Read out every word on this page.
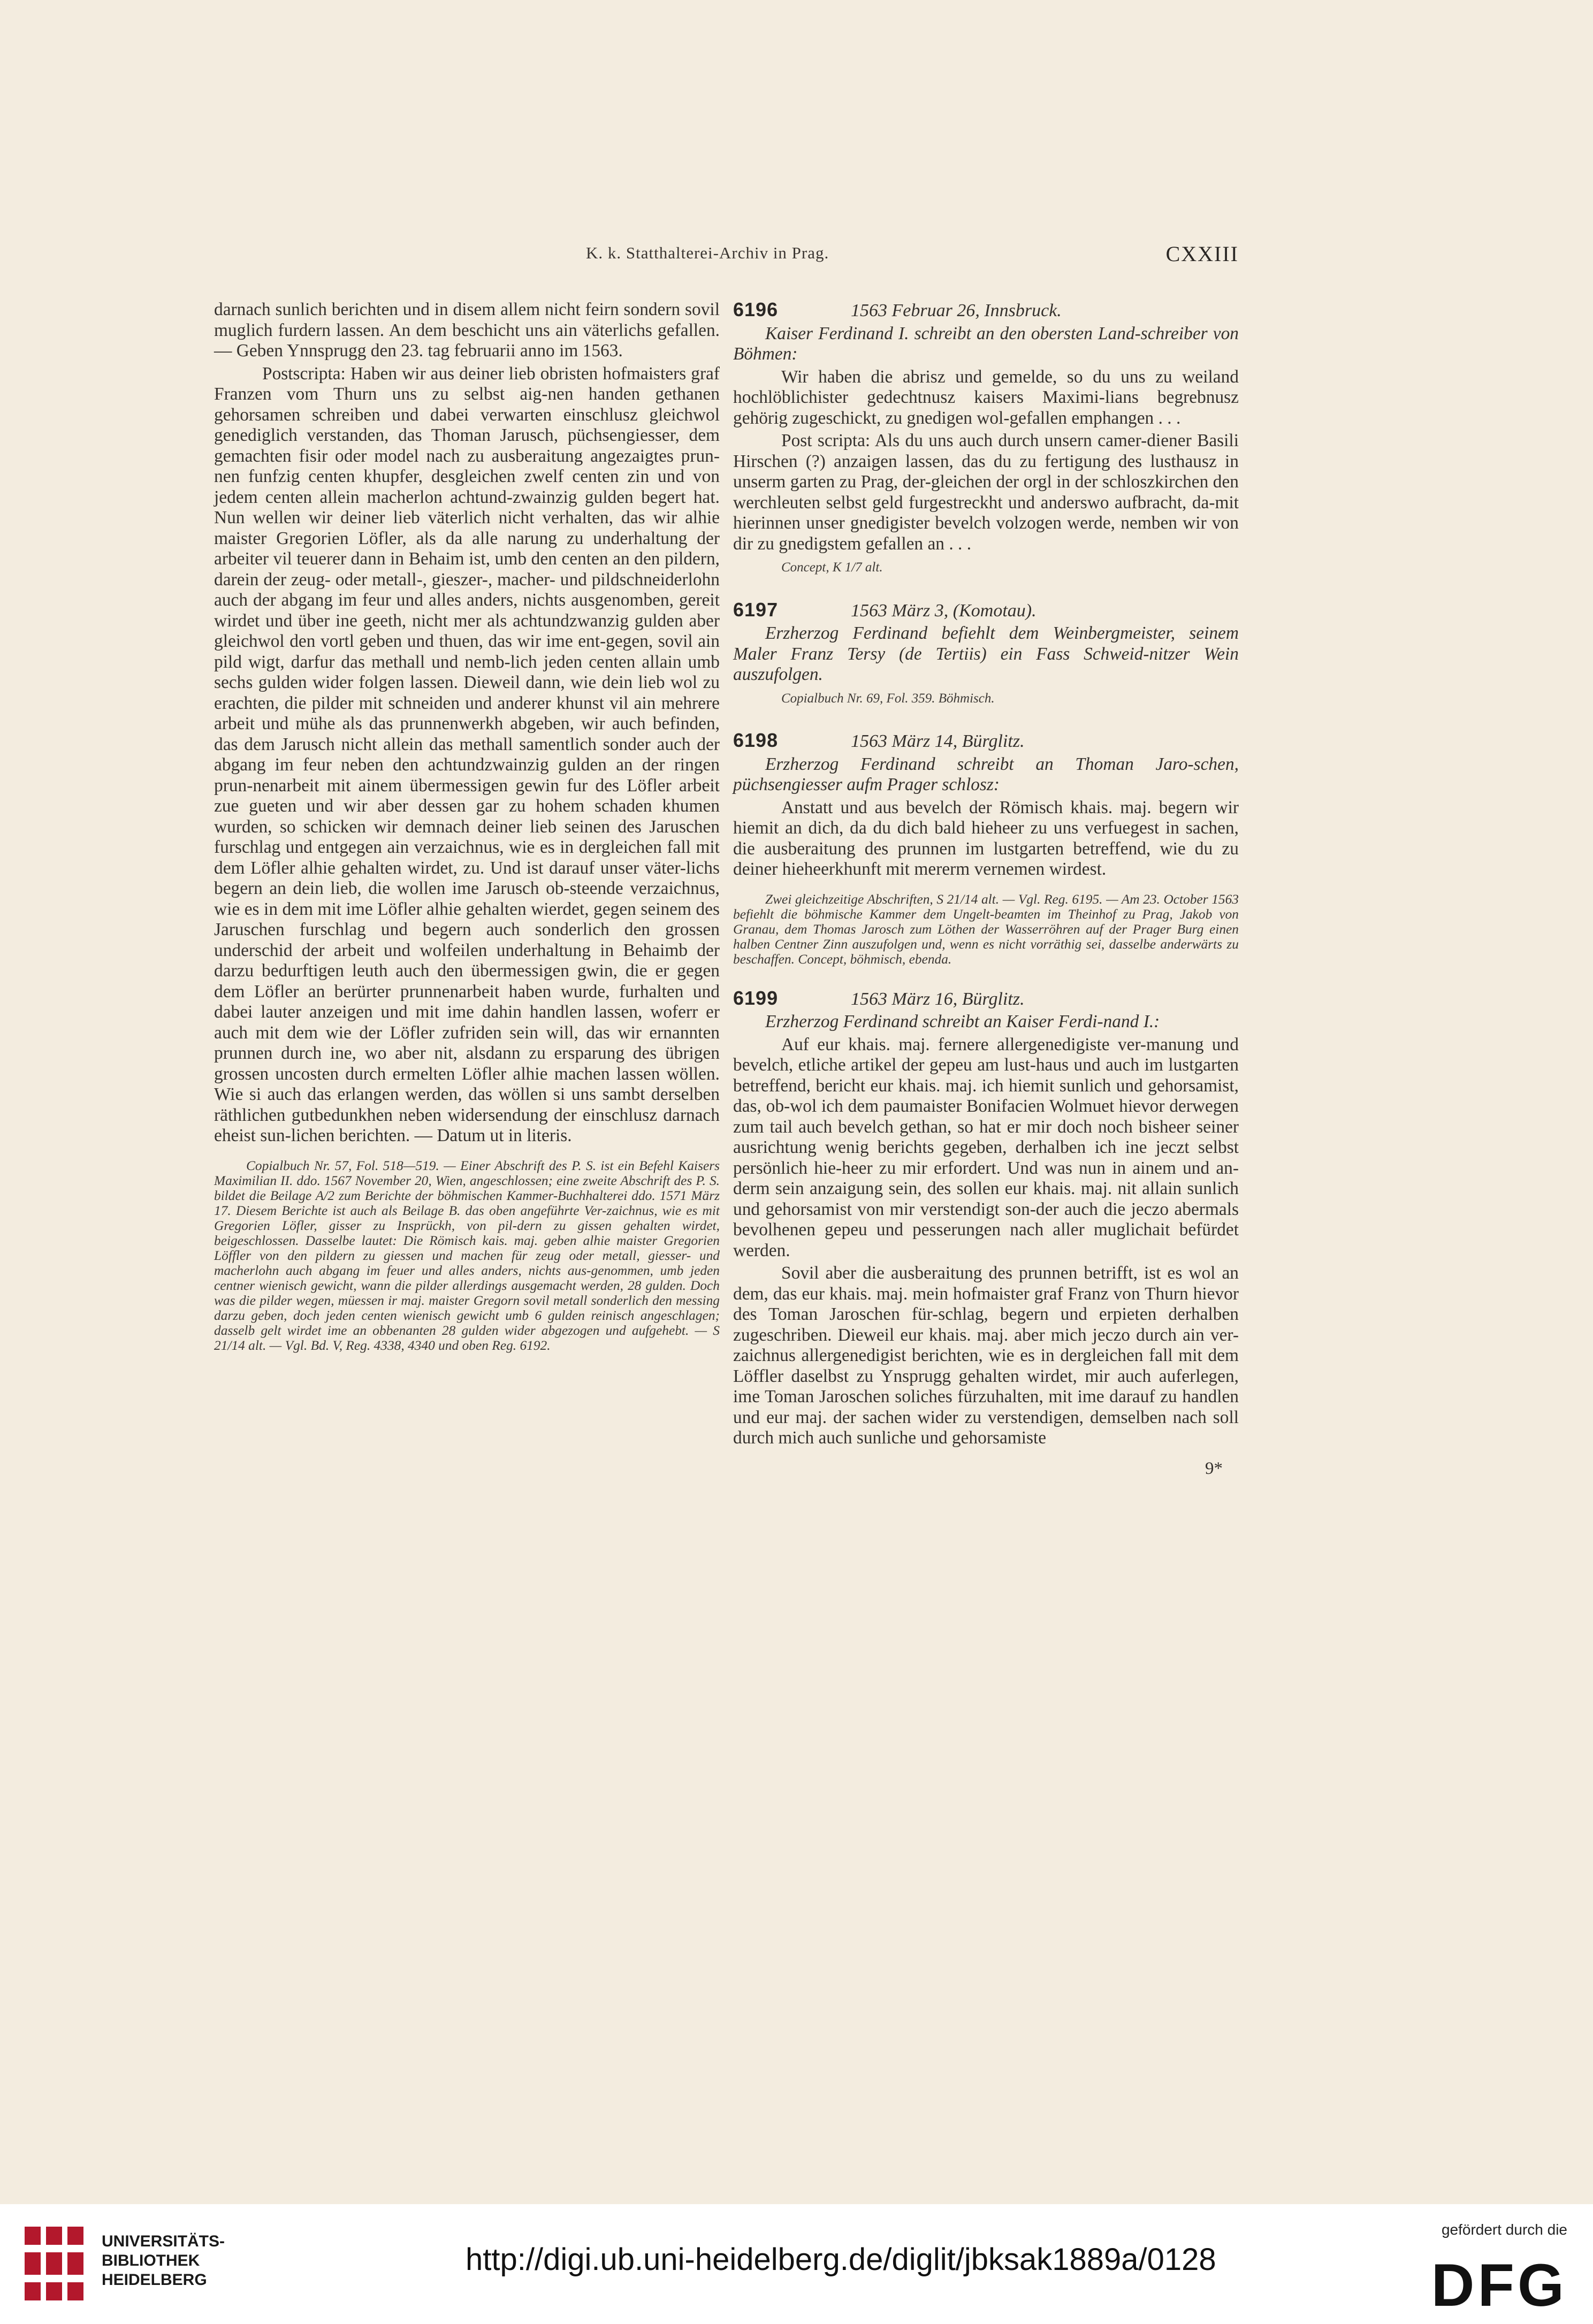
K. k. Statthalterei-Archiv in Prag.	CXXIII

darnach sunlich berichten und in disem allem nicht feirn sondern sovil muglich furdern lassen. An dem beschicht uns ain väterlichs gefallen. — Geben Ynnsprugg den 23. tag februarii anno im 1563.

Postscripta: Haben wir aus deiner lieb obristen hofmaisters graf Franzen vom Thurn uns zu selbst aig-nen handen gethanen gehorsamen schreiben und dabei verwarten einschlusz gleichwol genediglich verstanden, das Thoman Jarusch, püchsengiesser, dem gemachten fisir oder model nach zu ausberaitung angezaigtes prun-nen funfzig centen khupfer, desgleichen zwelf centen zin und von jedem centen allein macherlon achtund-zwainzig gulden begert hat. Nun wellen wir deiner lieb väterlich nicht verhalten, das wir alhie maister Gregorien Löfler, als da alle narung zu underhaltung der arbeiter vil teuerer dann in Behaim ist, umb den centen an den pildern, darein der zeug- oder metall-, gieszer-, macher- und pildschneiderlohn auch der abgang im feur und alles anders, nichts ausgenomben, gereit wirdet und über ine geeth, nicht mer als achtundzwanzig gulden aber gleichwol den vortl geben und thuen, das wir ime ent-gegen, sovil ain pild wigt, darfur das methall und nemb-lich jeden centen allain umb sechs gulden wider folgen lassen. Dieweil dann, wie dein lieb wol zu erachten, die pilder mit schneiden und anderer khunst vil ain mehrere arbeit und mühe als das prunnenwerkh abgeben, wir auch befinden, das dem Jarusch nicht allein das methall samentlich sonder auch der abgang im feur neben den achtundzwainzig gulden an der ringen prun-nenarbeit mit ainem übermessigen gewin fur des Löfler arbeit zue gueten und wir aber dessen gar zu hohem schaden khumen wurden, so schicken wir demnach deiner lieb seinen des Jaruschen furschlag und entgegen ain verzaichnus, wie es in dergleichen fall mit dem Löfler alhie gehalten wirdet, zu. Und ist darauf unser väter-lichs begern an dein lieb, die wollen ime Jarusch ob-steende verzaichnus, wie es in dem mit ime Löfler alhie gehalten wierdet, gegen seinem des Jaruschen furschlag und begern auch sonderlich den grossen underschid der arbeit und wolfeilen underhaltung in Behaimb der darzu bedurftigen leuth auch den übermessigen gwin, die er gegen dem Löfler an berürter prunnenarbeit haben wurde, furhalten und dabei lauter anzeigen und mit ime dahin handlen lassen, woferr er auch mit dem wie der Löfler zufriden sein will, das wir ernannten prunnen durch ine, wo aber nit, alsdann zu ersparung des übrigen grossen uncosten durch ermelten Löfler alhie machen lassen wöllen. Wie si auch das erlangen werden, das wöllen si uns sambt derselben räthlichen gutbedunkhen neben widersendung der einschlusz darnach eheist sun-lichen berichten. — Datum ut in literis.

Copialbuch Nr. 57, Fol. 518—519. — Einer Abschrift des P. S. ist ein Befehl Kaisers Maximilian II. ddo. 1567 November 20, Wien, angeschlossen; eine zweite Abschrift des P. S. bildet die Beilage A/2 zum Berichte der böhmischen Kammer-Buchhalterei ddo. 1571 März 17. Diesem Berichte ist auch als Beilage B. das oben angeführte Ver-zaichnus, wie es mit Gregorien Löfler, gisser zu Insprückh, von pil-dern zu gissen gehalten wirdet, beigeschlossen. Dasselbe lautet: Die Römisch kais. maj. geben alhie maister Gregorien Löffler von den pildern zu giessen und machen für zeug oder metall, giesser- und macherlohn auch abgang im feuer und alles anders, nichts aus-genommen, umb jeden centner wienisch gewicht, wann die pilder allerdings ausgemacht werden, 28 gulden. Doch was die pilder wegen, müessen ir maj. maister Gregorn sovil metall sonderlich den messing darzu geben, doch jeden centen wienisch gewicht umb 6 gulden reinisch angeschlagen; dasselb gelt wirdet ime an obbenanten 28 gulden wider abgezogen und aufgehebt. — S 21/14 alt. — Vgl. Bd. V, Reg. 4338, 4340 und oben Reg. 6192.

6196	1563 Februar 26, Innsbruck.

Kaiser Ferdinand I. schreibt an den obersten Land-schreiber von Böhmen:

Wir haben die abrisz und gemelde, so du uns zu weiland hochlöblichister gedechtnusz kaisers Maximi-lians begrebnusz gehörig zugeschickt, zu gnedigen wol-gefallen emphangen . . .

Post scripta: Als du uns auch durch unsern camer-diener Basili Hirschen (?) anzaigen lassen, das du zu fertigung des lusthausz in unserm garten zu Prag, der-gleichen der orgl in der schloszkirchen den werchleuten selbst geld furgestreckht und anderswo aufbracht, da-mit hierinnen unser gnedigister bevelch volzogen werde, nemben wir von dir zu gnedigstem gefallen an . . .

Concept, K 1/7 alt.

6197	1563 März 3, (Komotau).

Erzherzog Ferdinand befiehlt dem Weinbergmeister, seinem Maler Franz Tersy (de Tertiis) ein Fass Schweid-nitzer Wein auszufolgen.

Copialbuch Nr. 69, Fol. 359. Böhmisch.

6198	1563 März 14, Bürglitz.

Erzherzog Ferdinand schreibt an Thoman Jaro-schen, püchsengiesser aufm Prager schlosz:

Anstatt und aus bevelch der Römisch khais. maj. begern wir hiemit an dich, da du dich bald hieheer zu uns verfuegest in sachen, die ausberaitung des prunnen im lustgarten betreffend, wie du zu deiner hieheerkhunft mit mererm vernemen wirdest.

Zwei gleichzeitige Abschriften, S 21/14 alt. — Vgl. Reg. 6195. — Am 23. October 1563 befiehlt die böhmische Kammer dem Ungelt-beamten im Theinhof zu Prag, Jakob von Granau, dem Thomas Jarosch zum Löthen der Wasserröhren auf der Prager Burg einen halben Centner Zinn auszufolgen und, wenn es nicht vorräthig sei, dasselbe anderwärts zu beschaffen. Concept, böhmisch, ebenda.

6199	1563 März 16, Bürglitz.

Erzherzog Ferdinand schreibt an Kaiser Ferdi-nand I.:

Auf eur khais. maj. fernere allergenedigiste ver-manung und bevelch, etliche artikel der gepeu am lust-haus und auch im lustgarten betreffend, bericht eur khais. maj. ich hiemit sunlich und gehorsamist, das, ob-wol ich dem paumaister Bonifacien Wolmuet hievor derwegen zum tail auch bevelch gethan, so hat er mir doch noch bisheer seiner ausrichtung wenig berichts gegeben, derhalben ich ine jeczt selbst persönlich hie-heer zu mir erfordert. Und was nun in ainem und an-derm sein anzaigung sein, des sollen eur khais. maj. nit allain sunlich und gehorsamist von mir verstendigt son-der auch die jeczo abermals bevolhenen gepeu und pesserungen nach aller muglichait befürdet werden.

Sovil aber die ausberaitung des prunnen betrifft, ist es wol an dem, das eur khais. maj. mein hofmaister graf Franz von Thurn hievor des Toman Jaroschen für-schlag, begern und erpieten derhalben zugeschriben. Dieweil eur khais. maj. aber mich jeczo durch ain ver-zaichnus allergenedigist berichten, wie es in dergleichen fall mit dem Löffler daselbst zu Ynsprugg gehalten wirdet, mir auch auferlegen, ime Toman Jaroschen soliches fürzuhalten, mit ime darauf zu handlen und eur maj. der sachen wider zu verstendigen, demselben nach soll durch mich auch sunliche und gehorsamiste

9*

UNIVERSITÄTS-
BIBLIOTHEK
HEIDELBERG
http://digi.ub.uni-heidelberg.de/diglit/jbksak1889a/0128
gefördert durch die
DFG
